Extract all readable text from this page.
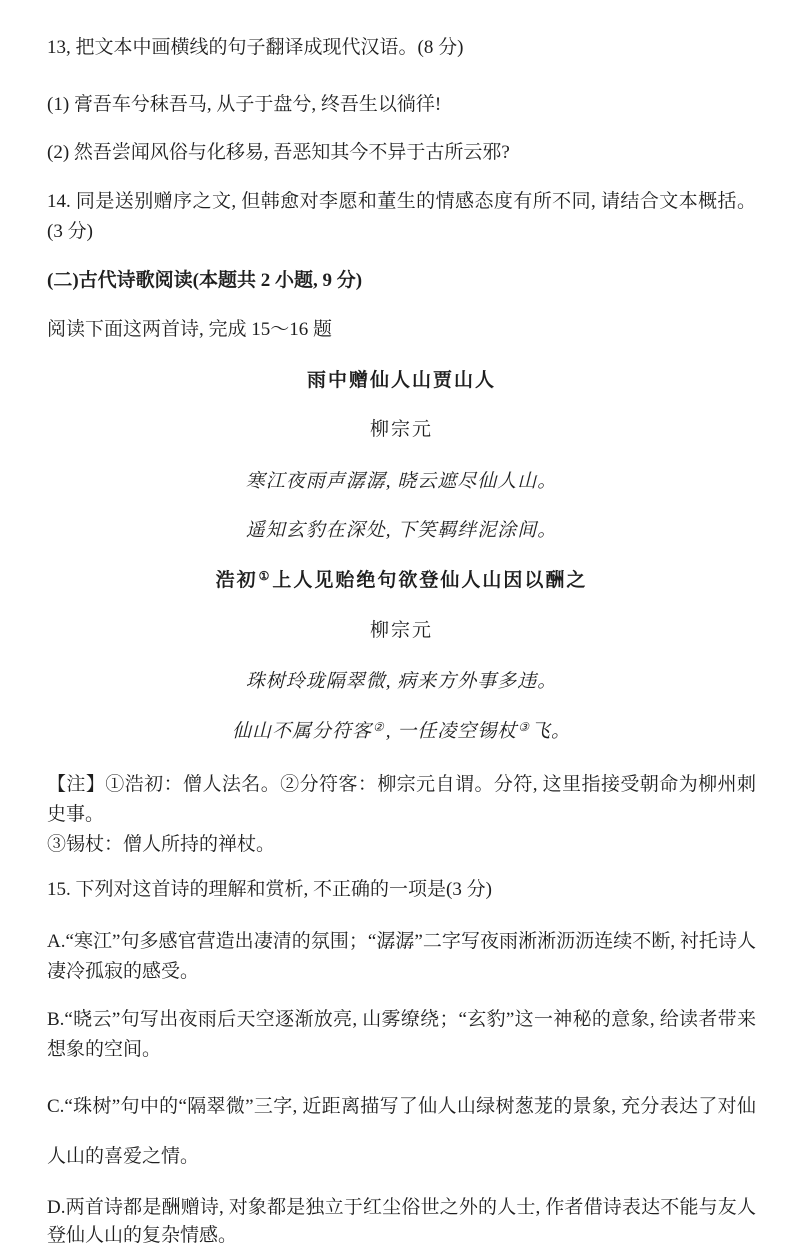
13, 把文本中画横线的句子翻译成现代汉语。(8 分)

(1) 膏吾车兮秣吾马, 从子于盘兮, 终吾生以徜徉!

(2) 然吾尝闻风俗与化移易, 吾恶知其今不异于古所云邪?

14. 同是送别赠序之文, 但韩愈对李愿和董生的情感态度有所不同, 请结合文本概括。(3 分)

(二)古代诗歌阅读(本题共 2 小题, 9 分)

阅读下面这两首诗, 完成 15～16 题

雨中赠仙人山贾山人

柳宗元

寒江夜雨声潺潺, 晓云遮尽仙人山。

遥知玄豹在深处, 下笑羁绊泥涂间。

浩初①上人见贻绝句欲登仙人山因以酬之

柳宗元

珠树玲珑隔翠微, 病来方外事多违。

仙山不属分符客②, 一任凌空锡杖③飞。

【注】①浩初：僧人法名。②分符客：柳宗元自谓。分符, 这里指接受朝命为柳州刺史事。

③锡杖：僧人所持的禅杖。

15. 下列对这首诗的理解和赏析, 不正确的一项是(3 分)

A.“寒江”句多感官营造出凄清的氛围；“潺潺”二字写夜雨淅淅沥沥连续不断, 衬托诗人凄冷孤寂的感受。

B.“晓云”句写出夜雨后天空逐渐放亮, 山雾缭绕；“玄豹”这一神秘的意象, 给读者带来想象的空间。

C.“珠树”句中的“隔翠微”三字, 近距离描写了仙人山绿树葱茏的景象, 充分表达了对仙人山的喜爱之情。

D.两首诗都是酬赠诗, 对象都是独立于红尘俗世之外的人士, 作者借诗表达不能与友人登仙人山的复杂情感。
